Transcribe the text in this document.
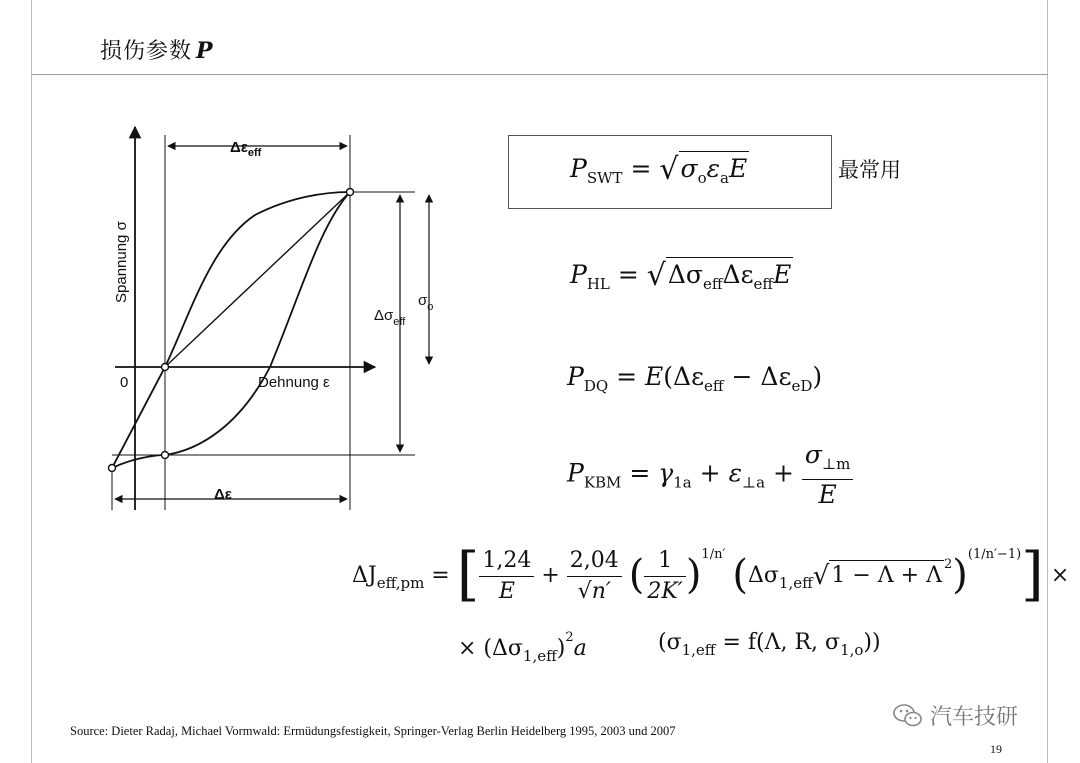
损伤参数 P
Spannung σ
0	Dehnung ε
$\Delta\varepsilon_{eff}$
$\Delta\sigma_{eff}$
$\sigma_o$
Δε
$P_{SWT} = √\sigma_o\varepsilon_aE$	最常用
$P_{HL} = √\Delta\sigma_{eff}\Delta\varepsilon_{eff}E$
$P_{DQ} = E(\Delta\varepsilon_{eff} - \Delta\varepsilon_{eD})$
$P_{KBM} = \gamma_{1a} + \varepsilon_{\perp a} + \frac{\sigma_{\perp m}}{E}$
$\Delta J_{eff,pm}$ = [ $\frac{1,24}{E} + \frac{2,04}{√n'}$ ( $\frac{1}{2K'} )^{1/n'}$ ($\Delta\sigma_{1,eff}√1 - \Lambda + \Lambda$ $^2$)$^{(1/n'-1)}$] ×
× $(\Delta\sigma_{1,eff})^2a$	($\sigma_{1,eff} = f(\Lambda$, R, $\sigma_{1,o}$))
Source: Dieter Radaj, Michael Vormwald: Ermüdungsfestigkeit, Springer-Verlag Berlin Heidelberg 1995, 2003 und 2007
汽车技研
19
